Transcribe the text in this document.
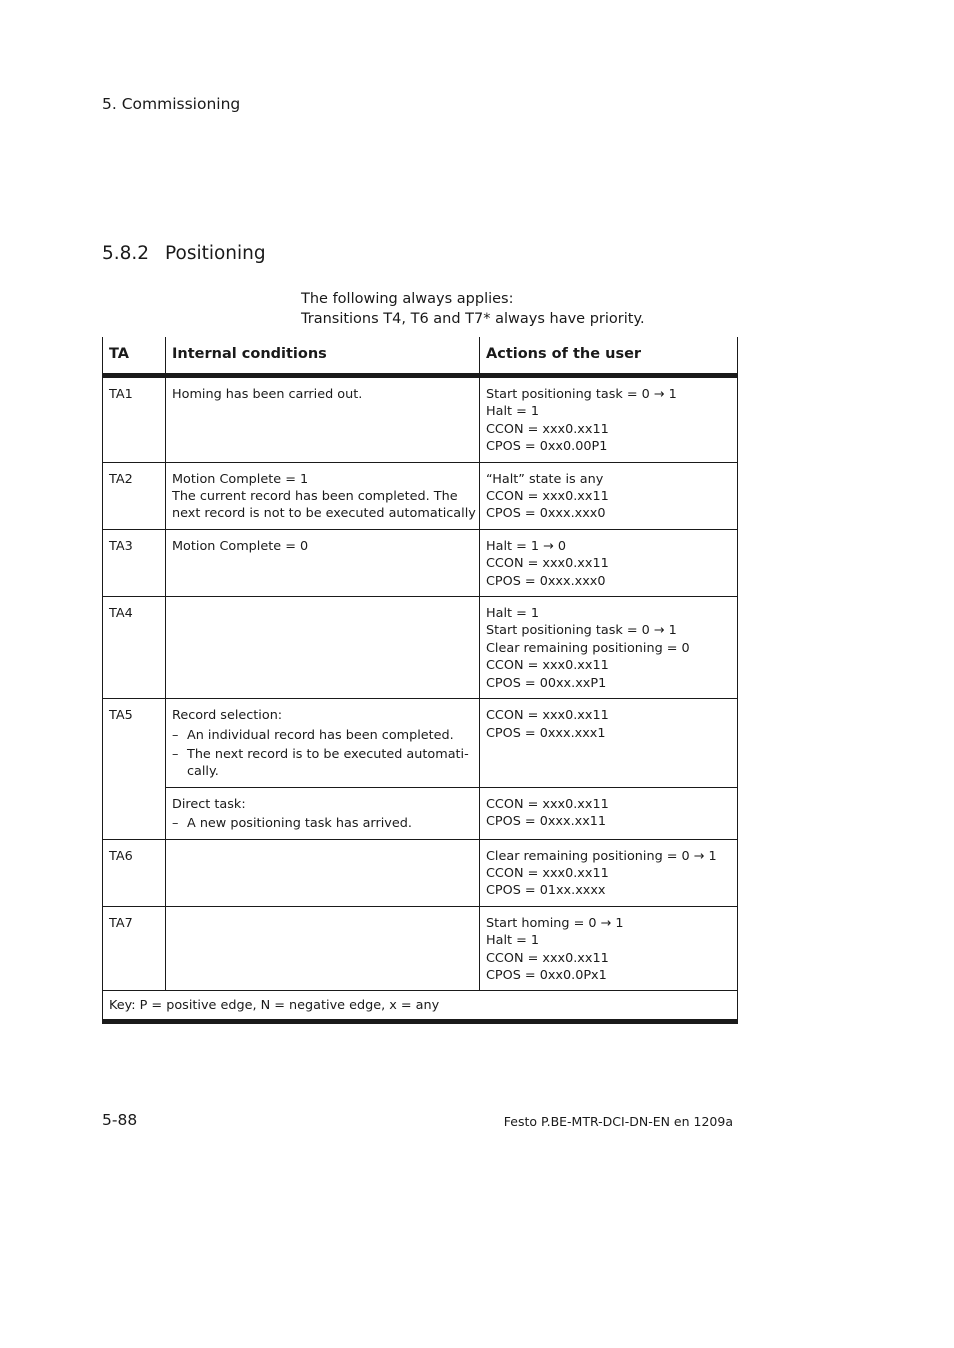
5. Commissioning
5.8.2 Positioning
The following always applies:
Transitions T4, T6 and T7* always have priority.
TA	Internal conditions	Actions of the user
TA1	Homing has been carried out.	Start positioning task = 0 → 1
Halt = 1
CCON = xxx0.xx11
CPOS = 0xx0.00P1

TA2	Motion Complete = 1
The current record has been completed. The
next record is not to be executed automatically	“Halt” state is any
CCON = xxx0.xx11
CPOS = 0xxx.xxx0

TA3	Motion Complete = 0	Halt = 1 → 0
CCON = xxx0.xx11
CPOS = 0xxx.xxx0

TA4		Halt = 1
Start positioning task = 0 → 1
Clear remaining positioning = 0
CCON = xxx0.xx11
CPOS = 00xx.xxP1

TA5	Record selection:
– An individual record has been completed.
– The next record is to be executed automati-cally.	CCON = xxx0.xx11
CPOS = 0xxx.xxx1

	Direct task:
– A new positioning task has arrived.	CCON = xxx0.xx11
CPOS = 0xxx.xx11

TA6		Clear remaining positioning = 0 → 1
CCON = xxx0.xx11
CPOS = 01xx.xxxx

TA7		Start homing = 0 → 1
Halt = 1
CCON = xxx0.xx11
CPOS = 0xx0.0Px1

Key: P = positive edge, N = negative edge, x = any		
5-88	Festo P.BE-MTR-DCI-DN-EN en 1209a
